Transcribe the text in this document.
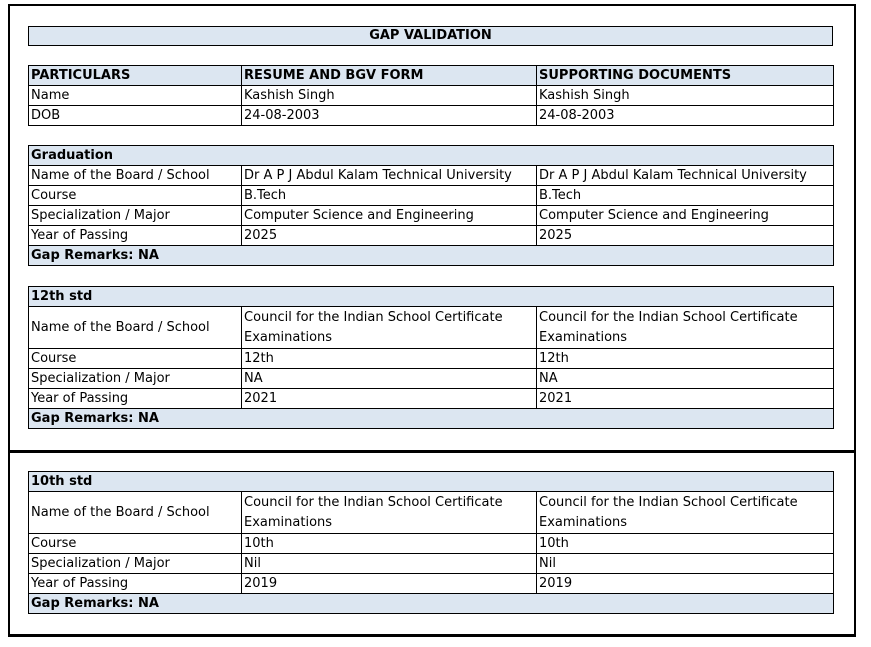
GAP VALIDATION
PARTICULARS	RESUME AND BGV FORM	SUPPORTING DOCUMENTS
Name	Kashish Singh	Kashish Singh
DOB	24-08-2003	24-08-2003
Graduation		
Name of the Board / School	Dr A P J Abdul Kalam Technical University	Dr A P J Abdul Kalam Technical University
Course	B.Tech	B.Tech
Specialization / Major	Computer Science and Engineering	Computer Science and Engineering
Year of Passing	2025	2025
Gap Remarks: NA		
12th std		
Name of the Board / School	Council for the Indian School Certificate Examinations	Council for the Indian School Certificate Examinations
Course	12th	12th
Specialization / Major	NA	NA
Year of Passing	2021	2021
Gap Remarks: NA		
10th std		
Name of the Board / School	Council for the Indian School Certificate Examinations	Council for the Indian School Certificate Examinations
Course	10th	10th
Specialization / Major	Nil	Nil
Year of Passing	2019	2019
Gap Remarks: NA		
